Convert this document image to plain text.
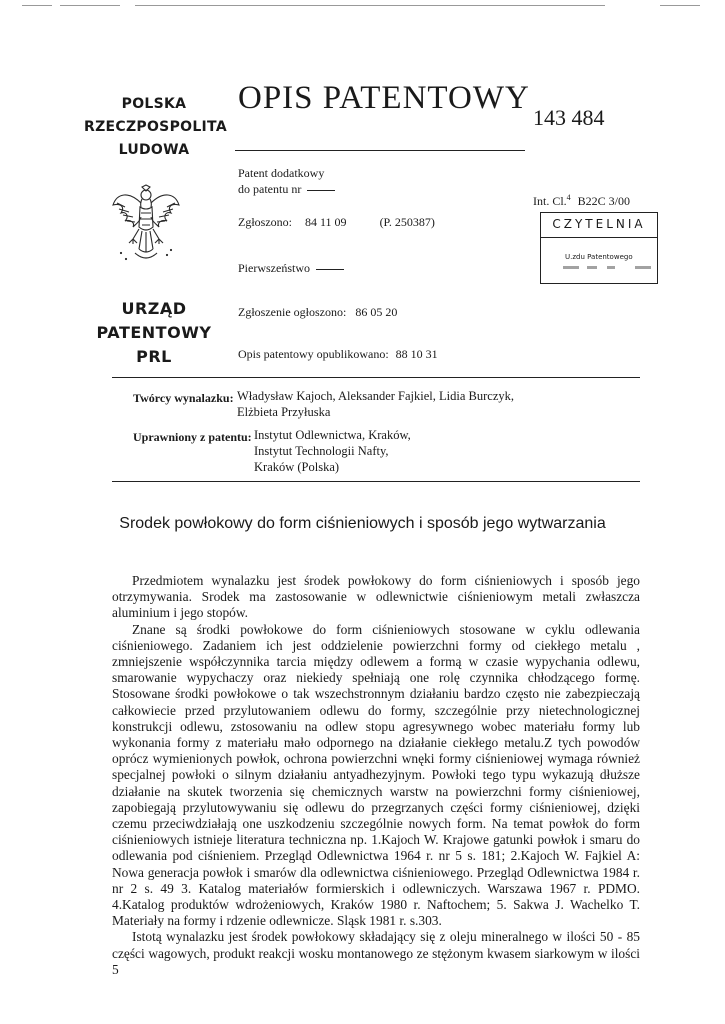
POLSKA
RZECZPOSPOLITA
LUDOWA
URZĄD
PATENTOWY
PRL
OPIS PATENTOWY
143 484
Patent dodatkowy
do patentu nr
Zgłoszono: 84 11 09	(P. 250387)
Pierwszeństwo
Zgłoszenie ogłoszono: 86 05 20
Opis patentowy opublikowano: 88 10 31
Int. Cl.$^4$ B22C 3/00
CZYTELNIA
U.zdu Patentowego
Twórcy wynalazku: Władysław Kajoch, Aleksander Fajkiel, Lidia Burczyk,
Elżbieta Przyłuska
Uprawniony z patentu: Instytut Odlewnictwa, Kraków,
Instytut Technologii Nafty,
Kraków (Polska)
Srodek powłokowy do form ciśnieniowych i sposób jego wytwarzania

Przedmiotem wynalazku jest środek powłokowy do form ciśnieniowych i sposób jego otrzymywania. Srodek ma zastosowanie w odlewnictwie ciśnieniowym metali zwłaszcza aluminium i jego stopów.

Znane są środki powłokowe do form ciśnieniowych stosowane w cyklu odlewania ciśnieniowego. Zadaniem ich jest oddzielenie powierzchni formy od ciekłego metalu , zmniejszenie współczynnika tarcia między odlewem a formą w czasie wypychania odlewu, smarowanie wypychaczy oraz niekiedy spełniają one rolę czynnika chłodzącego formę. Stosowane środki powłokowe o tak wszechstronnym działaniu bardzo często nie zabezpieczają całkowiecie przed przylutowaniem odlewu do formy, szczególnie przy nietechnologicznej konstrukcji odlewu, zstosowaniu na odlew stopu agresywnego wobec materiału formy lub wykonania formy z materiału mało odpornego na działanie ciekłego metalu.Z tych powodów oprócz wymienionych powłok, ochrona powierzchni wnęki formy ciśnieniowej wymaga również specjalnej powłoki o silnym działaniu antyadhezyjnym. Powłoki tego typu wykazują dłuższe działanie na skutek tworzenia się chemicznych warstw na powierzchni formy ciśnieniowej, zapobiegają przylutowywaniu się odlewu do przegrzanych części formy ciśnieniowej, dzięki czemu przeciwdziałają one uszkodzeniu szczególnie nowych form. Na temat powłok do form ciśnieniowych istnieje literatura techniczna np. 1.Kajoch W. Krajowe gatunki powłok i smaru do odlewania pod ciśnieniem. Przegląd Odlewnictwa 1964 r. nr 5 s. 181; 2.Kajoch W. Fajkiel A: Nowa generacja powłok i smarów dla odlewnictwa ciśnieniowego. Przegląd Odlewnictwa 1984 r. nr 2 s. 49 3. Katalog materiałów formierskich i odlewniczych. Warszawa 1967 r. PDMO. 4.Katalog produktów wdrożeniowych, Kraków 1980 r. Naftochem; 5. Sakwa J. Wachelko T. Materiały na formy i rdzenie odlewnicze. Sląsk 1981 r. s.303.

Istotą wynalazku jest środek powłokowy składający się z oleju mineralnego w ilości 50 - 85 części wagowych, produkt reakcji wosku montanowego ze stężonym kwasem siarkowym w ilości 5
